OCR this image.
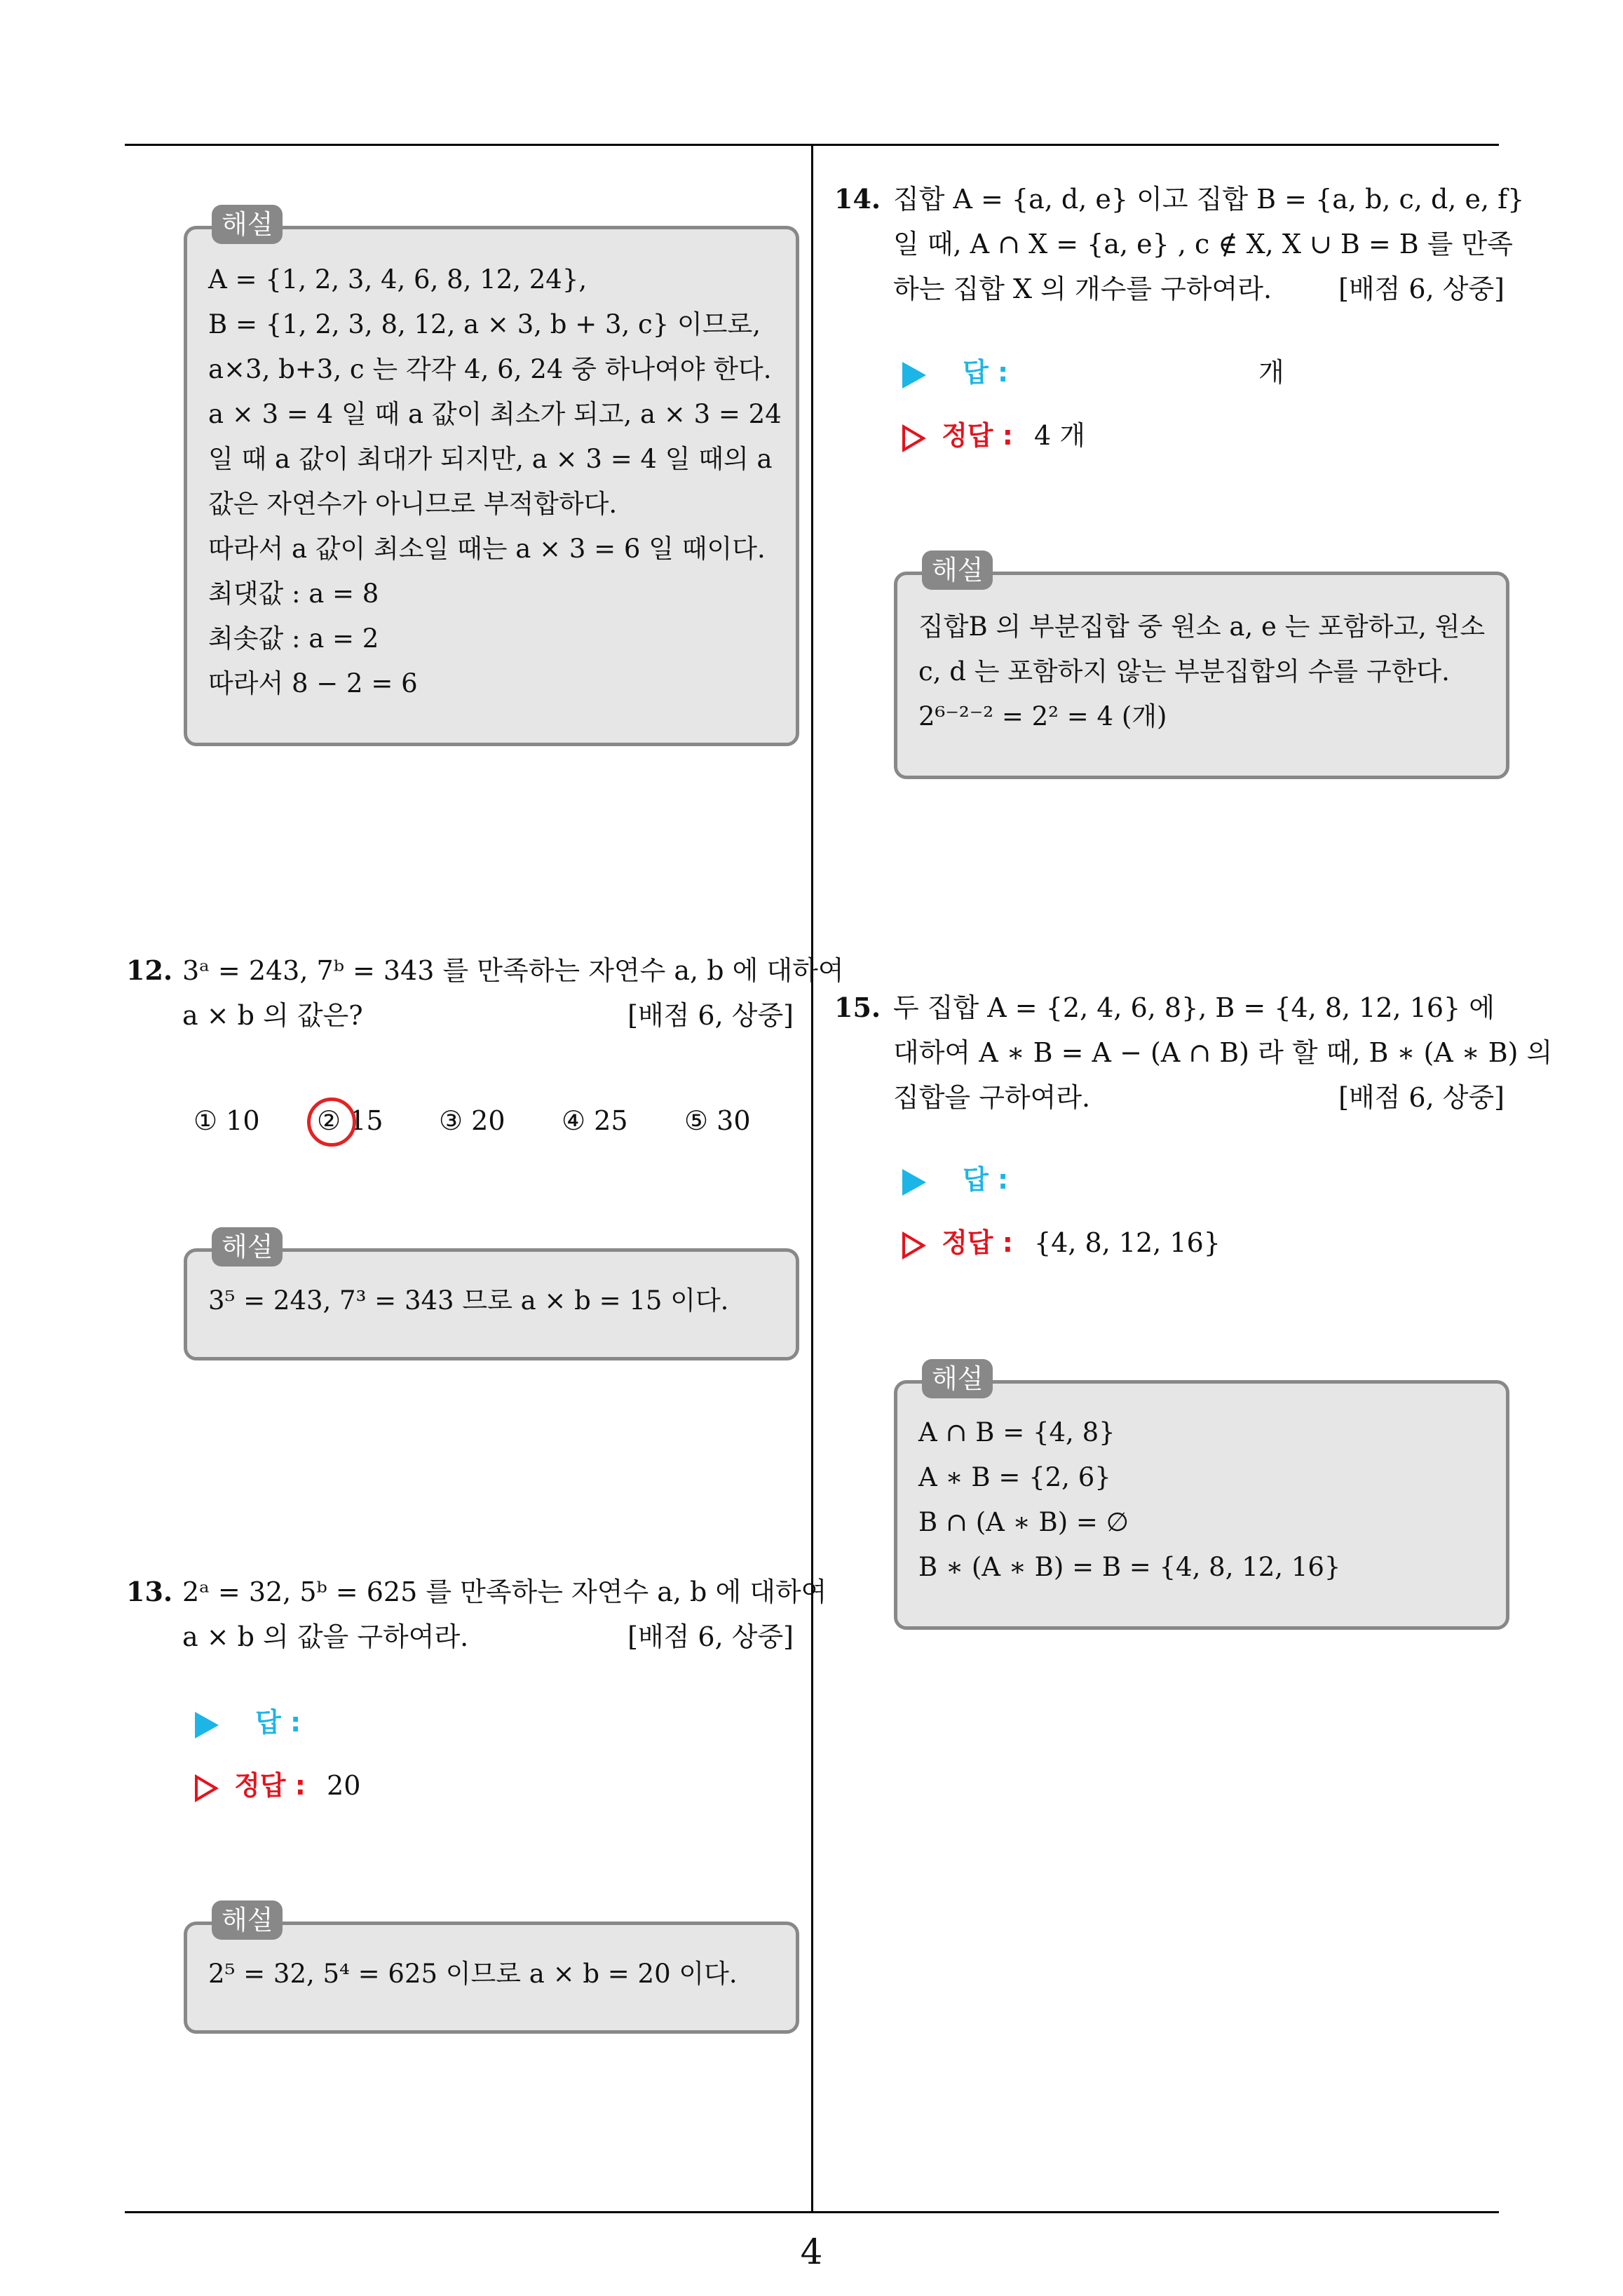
A = {1, 2, 3, 4, 6, 8, 12, 24},
B = {1, 2, 3, 8, 12, a × 3, b + 3, c} 이므로,
a×3, b+3, c 는 각각 4, 6, 24 중 하나여야 한다.
a × 3 = 4 일 때 a 값이 최소가 되고, a × 3 = 24
일 때 a 값이 최대가 되지만, a × 3 = 4 일 때의 a
값은 자연수가 아니므로 부적합하다.
따라서 a 값이 최소일 때는 a × 3 = 6 일 때이다.
최댓값 : a = 8
최솟값 : a = 2
따라서 8 − 2 = 6
해설
12. 3ᵃ = 243, 7ᵇ = 343 를 만족하는 자연수 a, b 에 대하여
a × b 의 값은?	[배점 6, 상중]
① 10 ② 15 ③ 20 ④ 25 ⑤ 30
3⁵ = 243, 7³ = 343 므로 a × b = 15 이다.
해설
13. 2ᵃ = 32, 5ᵇ = 625 를 만족하는 자연수 a, b 에 대하여
a × b 의 값을 구하여라.	[배점 6, 상중]
답 :
정답 : 20
2⁵ = 32, 5⁴ = 625 이므로 a × b = 20 이다.
해설
14. 집합 A = {a, d, e} 이고 집합 B = {a, b, c, d, e, f}
일 때, A ∩ X = {a, e} , c ∉ X, X ∪ B = B 를 만족
하는 집합 X 의 개수를 구하여라.	[배점 6, 상중]
답 :	개
정답 : 4 개
집합B 의 부분집합 중 원소 a, e 는 포함하고, 원소
c, d 는 포함하지 않는 부분집합의 수를 구한다.
2⁶⁻²⁻² = 2² = 4 (개)
해설
15. 두 집합 A = {2, 4, 6, 8}, B = {4, 8, 12, 16} 에
대하여 A ∗ B = A − (A ∩ B) 라 할 때, B ∗ (A ∗ B) 의
집합을 구하여라.	[배점 6, 상중]
답 :
정답 : {4, 8, 12, 16}
A ∩ B = {4, 8}
A ∗ B = {2, 6}
B ∩ (A ∗ B) = ∅
B ∗ (A ∗ B) = B = {4, 8, 12, 16}
해설
4
